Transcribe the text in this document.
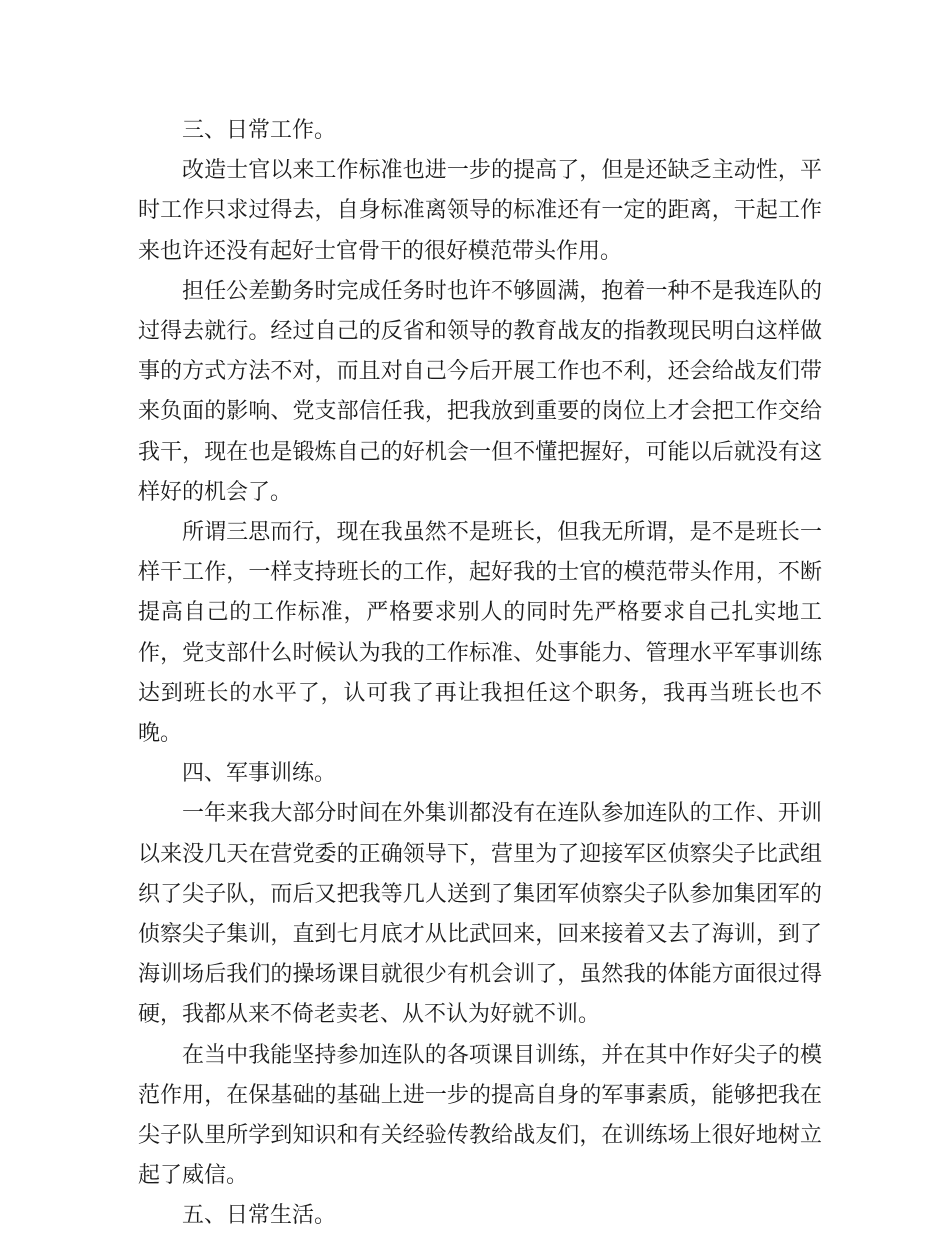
三、日常工作。

改造士官以来工作标准也进一步的提高了，但是还缺乏主动性，平时工作只求过得去，自身标准离领导的标准还有一定的距离，干起工作来也许还没有起好士官骨干的很好模范带头作用。

担任公差勤务时完成任务时也许不够圆满，抱着一种不是我连队的过得去就行。经过自己的反省和领导的教育战友的指教现民明白这样做事的方式方法不对，而且对自己今后开展工作也不利，还会给战友们带来负面的影响、党支部信任我，把我放到重要的岗位上才会把工作交给我干，现在也是锻炼自己的好机会一但不懂把握好，可能以后就没有这样好的机会了。

所谓三思而行，现在我虽然不是班长，但我无所谓，是不是班长一样干工作，一样支持班长的工作，起好我的士官的模范带头作用，不断提高自己的工作标准，严格要求别人的同时先严格要求自己扎实地工作，党支部什么时候认为我的工作标准、处事能力、管理水平军事训练达到班长的水平了，认可我了再让我担任这个职务，我再当班长也不晚。

四、军事训练。

一年来我大部分时间在外集训都没有在连队参加连队的工作、开训以来没几天在营党委的正确领导下，营里为了迎接军区侦察尖子比武组织了尖子队，而后又把我等几人送到了集团军侦察尖子队参加集团军的侦察尖子集训，直到七月底才从比武回来，回来接着又去了海训，到了海训场后我们的操场课目就很少有机会训了，虽然我的体能方面很过得硬，我都从来不倚老卖老、从不认为好就不训。

在当中我能坚持参加连队的各项课目训练，并在其中作好尖子的模范作用，在保基础的基础上进一步的提高自身的军事素质，能够把我在尖子队里所学到知识和有关经验传教给战友们，在训练场上很好地树立起了威信。

五、日常生活。
